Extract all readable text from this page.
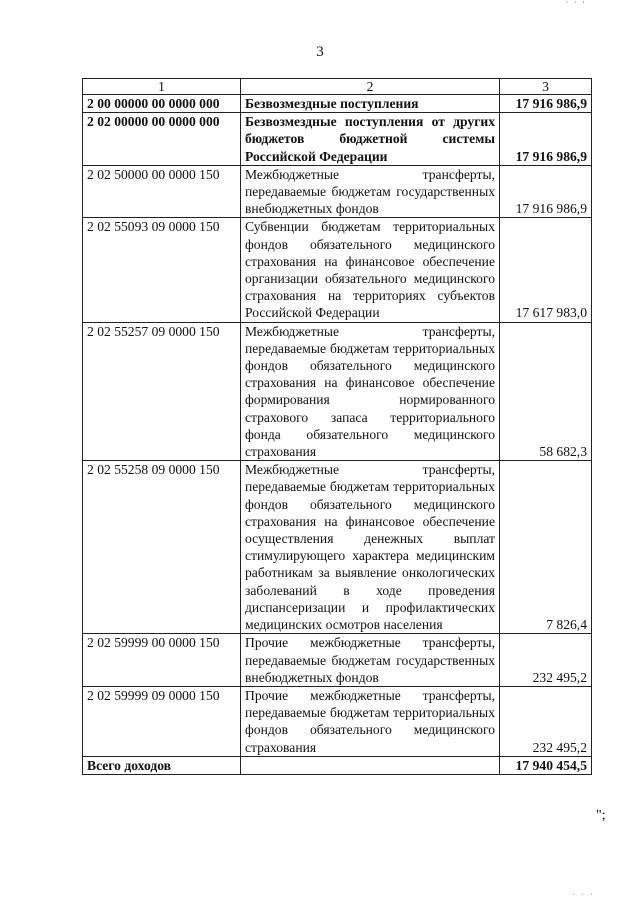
' ' '
3
1	2	3
2 00 00000 00 0000 000	Безвозмездные поступления	17 916 986,9
2 02 00000 00 0000 000	Безвозмездные поступления от других бюджетов бюджетной системы Российской Федерации	17 916 986,9
2 02 50000 00 0000 150	Межбюджетные трансферты, передаваемые бюджетам государственных внебюджетных фондов	17 916 986,9
2 02 55093 09 0000 150	Субвенции бюджетам территориальных фондов обязательного медицинского страхования на финансовое обеспечение организации обязательного медицинского страхования на территориях субъектов Российской Федерации	17 617 983,0
2 02 55257 09 0000 150	Межбюджетные трансферты, передаваемые бюджетам территориальных фондов обязательного медицинского страхования на финансовое обеспечение формирования нормированного страхового запаса территориального фонда обязательного медицинского страхования	58 682,3
2 02 55258 09 0000 150	Межбюджетные трансферты, передаваемые бюджетам территориальных фондов обязательного медицинского страхования на финансовое обеспечение осуществления денежных выплат стимулирующего характера медицинским работникам за выявление онкологических заболеваний в ходе проведения диспансеризации и профилактических медицинских осмотров населения	7 826,4
2 02 59999 00 0000 150	Прочие межбюджетные трансферты, передаваемые бюджетам государственных внебюджетных фондов	232 495,2
2 02 59999 09 0000 150	Прочие межбюджетные трансферты, передаваемые бюджетам территориальных фондов обязательного медицинского страхования	232 495,2
Всего доходов		17 940 454,5
";
. . .
